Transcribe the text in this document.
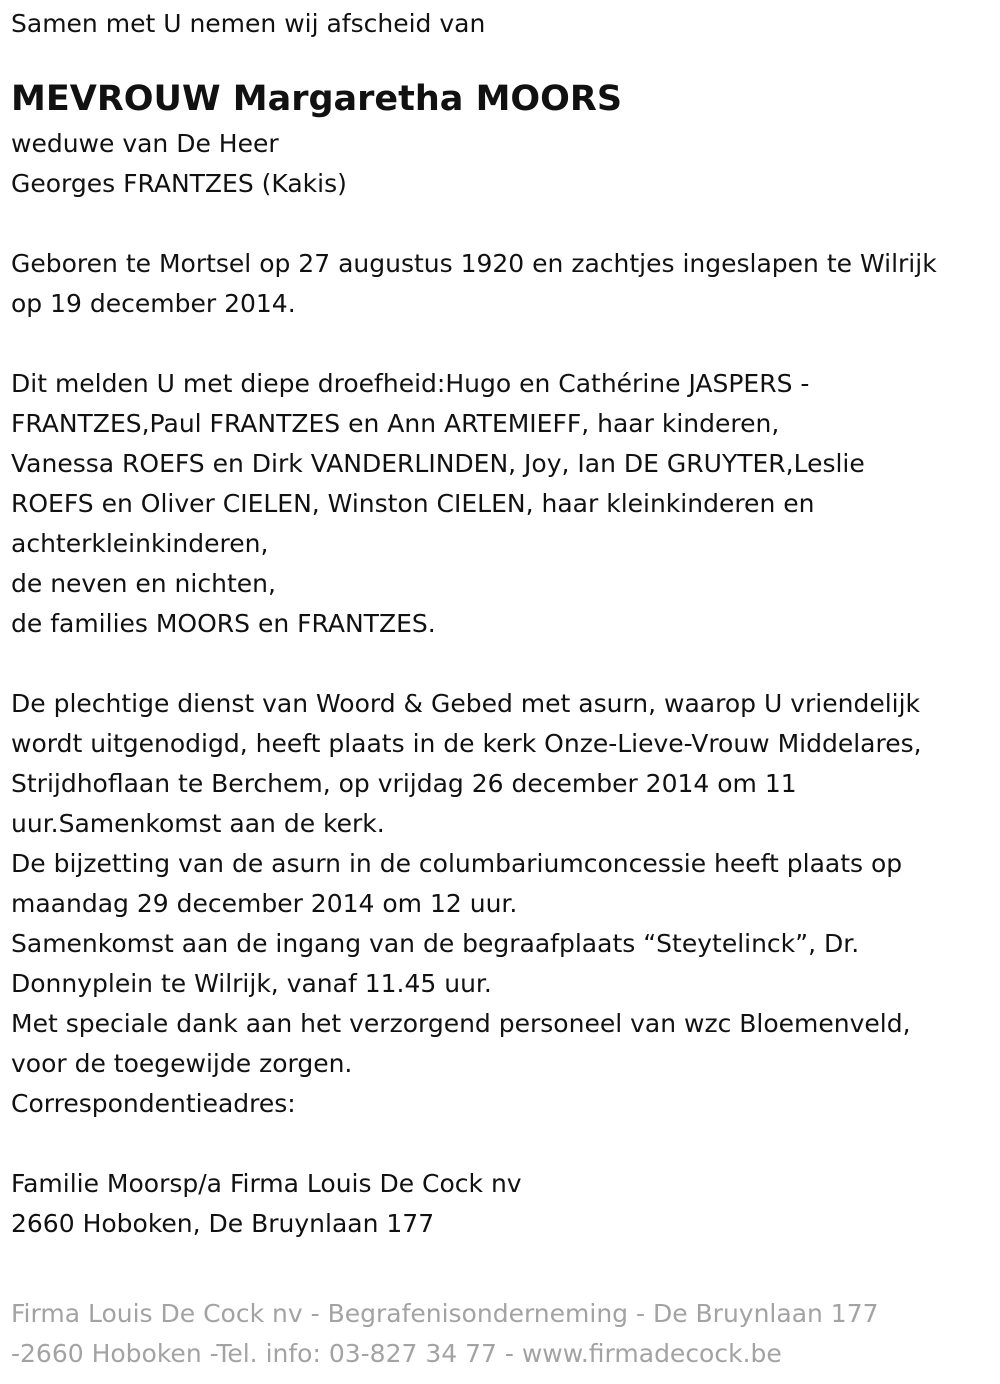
Samen met U nemen wij afscheid van

MEVROUW Margaretha MOORS

weduwe van De Heer

Georges FRANTZES (Kakis)

Geboren te Mortsel op 27 augustus 1920 en zachtjes ingeslapen te Wilrijk

op 19 december 2014.

Dit melden U met diepe droefheid:Hugo en Cathérine JASPERS -

FRANTZES,Paul FRANTZES en Ann ARTEMIEFF, haar kinderen,

Vanessa ROEFS en Dirk VANDERLINDEN, Joy, Ian DE GRUYTER,Leslie

ROEFS en Oliver CIELEN, Winston CIELEN, haar kleinkinderen en

achterkleinkinderen,

de neven en nichten,

de families MOORS en FRANTZES.

De plechtige dienst van Woord & Gebed met asurn, waarop U vriendelijk

wordt uitgenodigd, heeft plaats in de kerk Onze-Lieve-Vrouw Middelares,

Strijdhoflaan te Berchem, op vrijdag 26 december 2014 om 11

uur.Samenkomst aan de kerk.

De bijzetting van de asurn in de columbariumconcessie heeft plaats op

maandag 29 december 2014 om 12 uur.

Samenkomst aan de ingang van de begraafplaats “Steytelinck”, Dr.

Donnyplein te Wilrijk, vanaf 11.45 uur.

Met speciale dank aan het verzorgend personeel van wzc Bloemenveld,

voor de toegewijde zorgen.

Correspondentieadres:

Familie Moorsp/a Firma Louis De Cock nv

2660 Hoboken, De Bruynlaan 177

Firma Louis De Cock nv - Begrafenisonderneming - De Bruynlaan 177

-2660 Hoboken -Tel. info: 03-827 34 77 - www.firmadecock.be
